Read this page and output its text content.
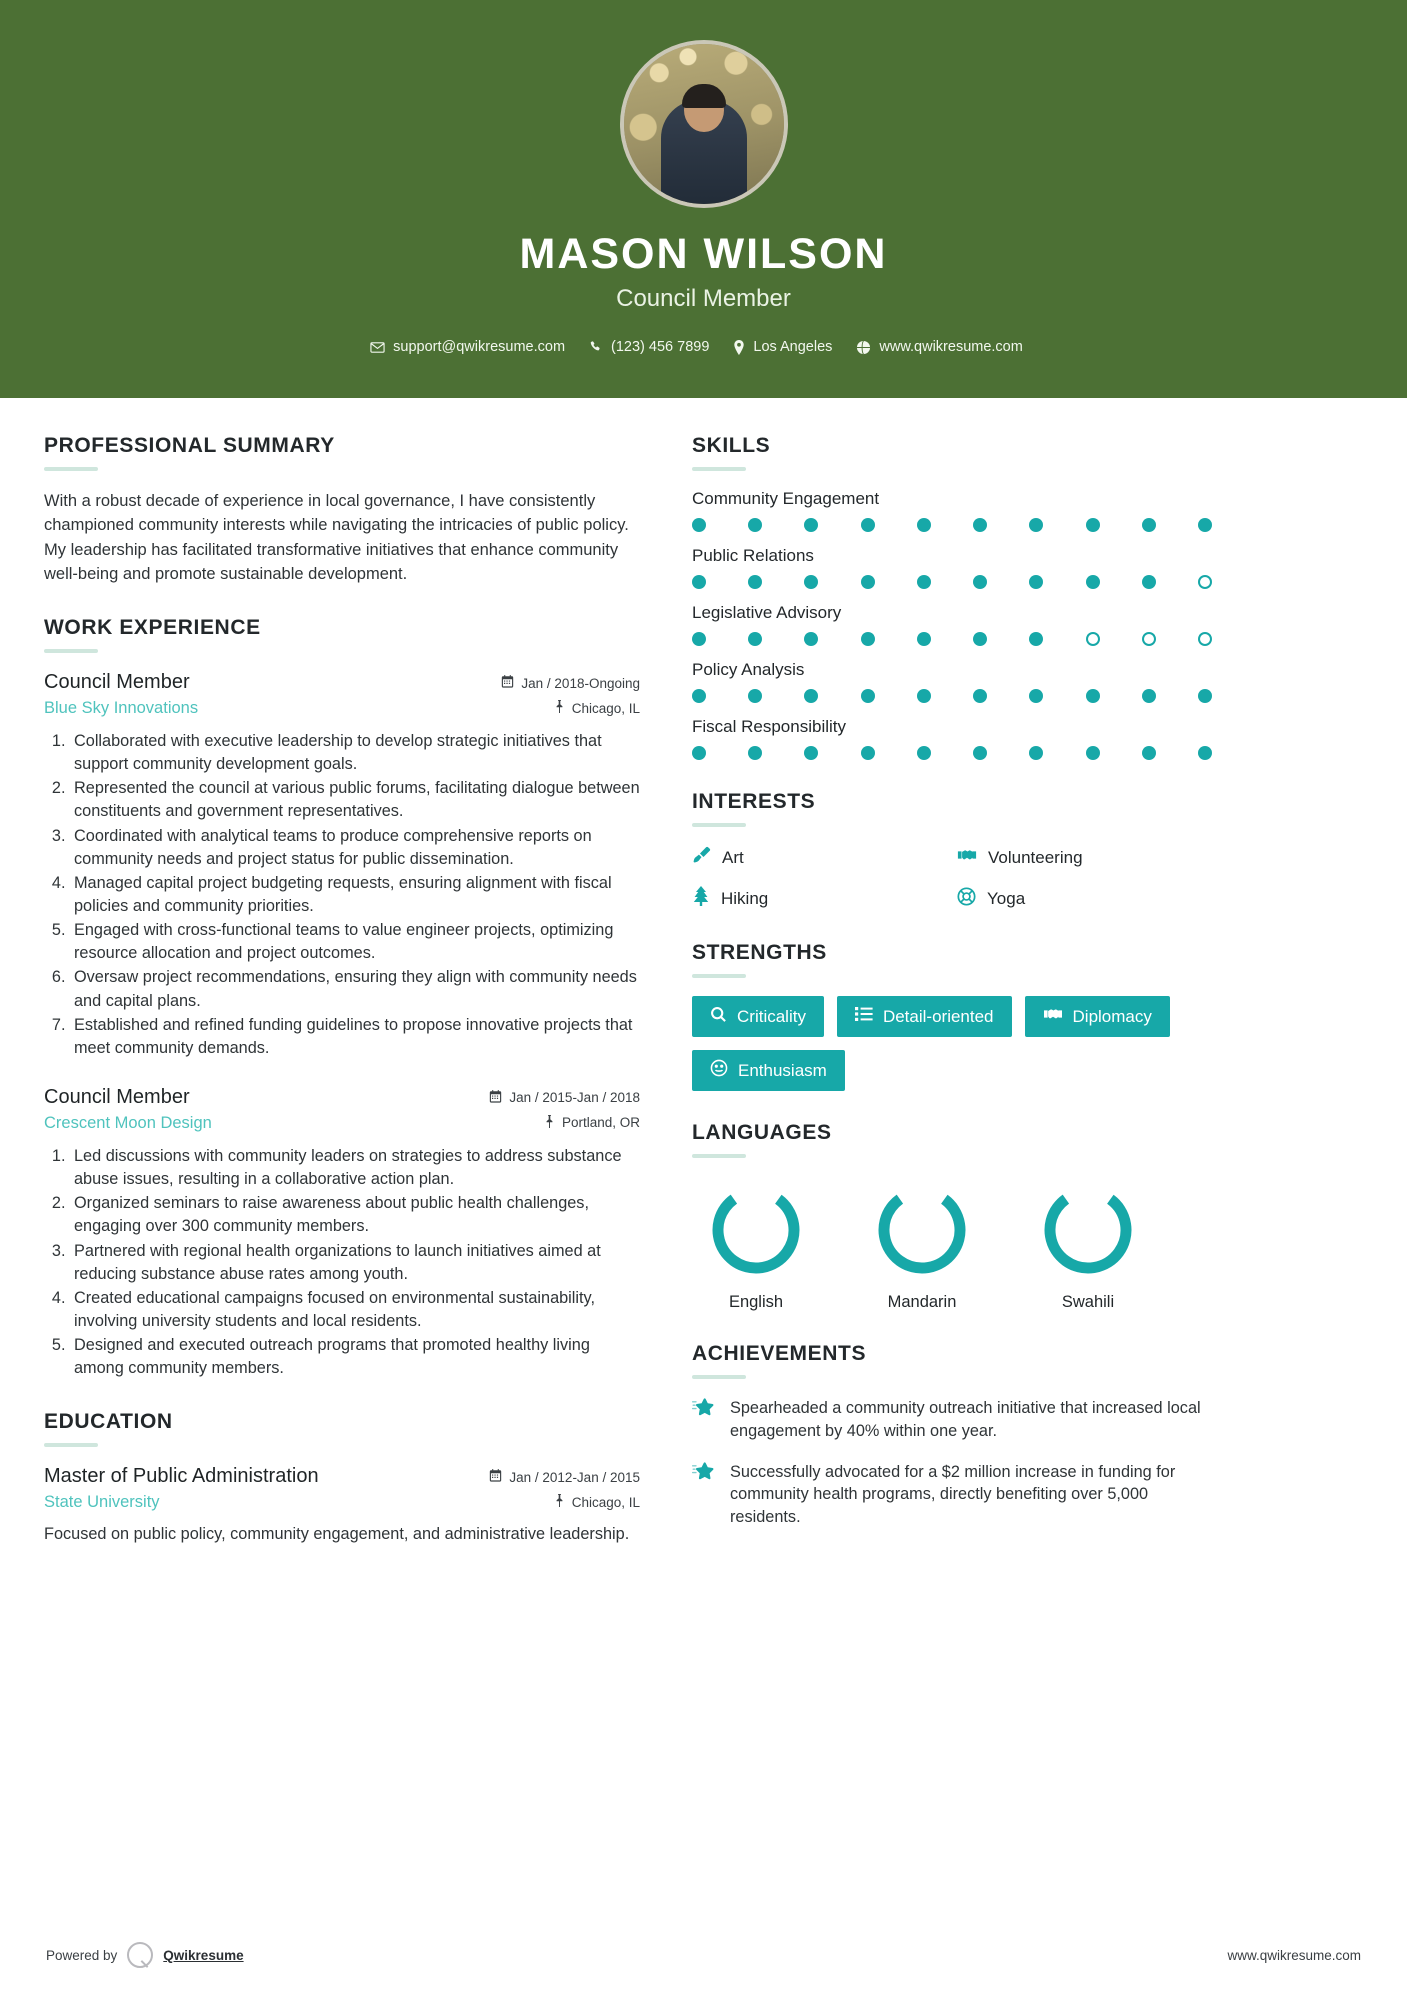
MASON WILSON
Council Member
support@qwikresume.com	(123) 456 7899	Los Angeles	www.qwikresume.com
PROFESSIONAL SUMMARY
With a robust decade of experience in local governance, I have consistently championed community interests while navigating the intricacies of public policy. My leadership has facilitated transformative initiatives that enhance community well-being and promote sustainable development.
WORK EXPERIENCE
Council Member	Jan / 2018-Ongoing
Blue Sky Innovations	Chicago, IL
1. Collaborated with executive leadership to develop strategic initiatives that support community development goals.
2. Represented the council at various public forums, facilitating dialogue between constituents and government representatives.
3. Coordinated with analytical teams to produce comprehensive reports on community needs and project status for public dissemination.
4. Managed capital project budgeting requests, ensuring alignment with fiscal policies and community priorities.
5. Engaged with cross-functional teams to value engineer projects, optimizing resource allocation and project outcomes.
6. Oversaw project recommendations, ensuring they align with community needs and capital plans.
7. Established and refined funding guidelines to propose innovative projects that meet community demands.
Council Member	Jan / 2015-Jan / 2018
Crescent Moon Design	Portland, OR
1. Led discussions with community leaders on strategies to address substance abuse issues, resulting in a collaborative action plan.
2. Organized seminars to raise awareness about public health challenges, engaging over 300 community members.
3. Partnered with regional health organizations to launch initiatives aimed at reducing substance abuse rates among youth.
4. Created educational campaigns focused on environmental sustainability, involving university students and local residents.
5. Designed and executed outreach programs that promoted healthy living among community members.
EDUCATION
Master of Public Administration	Jan / 2012-Jan / 2015
State University	Chicago, IL
Focused on public policy, community engagement, and administrative leadership.
SKILLS
Community Engagement
Public Relations
Legislative Advisory
Policy Analysis
Fiscal Responsibility
INTERESTS
Art	Volunteering
Hiking	Yoga
STRENGTHS
Criticality	Detail-oriented	Diplomacy
Enthusiasm
LANGUAGES
English	Mandarin	Swahili
ACHIEVEMENTS
Spearheaded a community outreach initiative that increased local engagement by 40% within one year.
Successfully advocated for a $2 million increase in funding for community health programs, directly benefiting over 5,000 residents.
Powered by	Qwikresume	www.qwikresume.com
